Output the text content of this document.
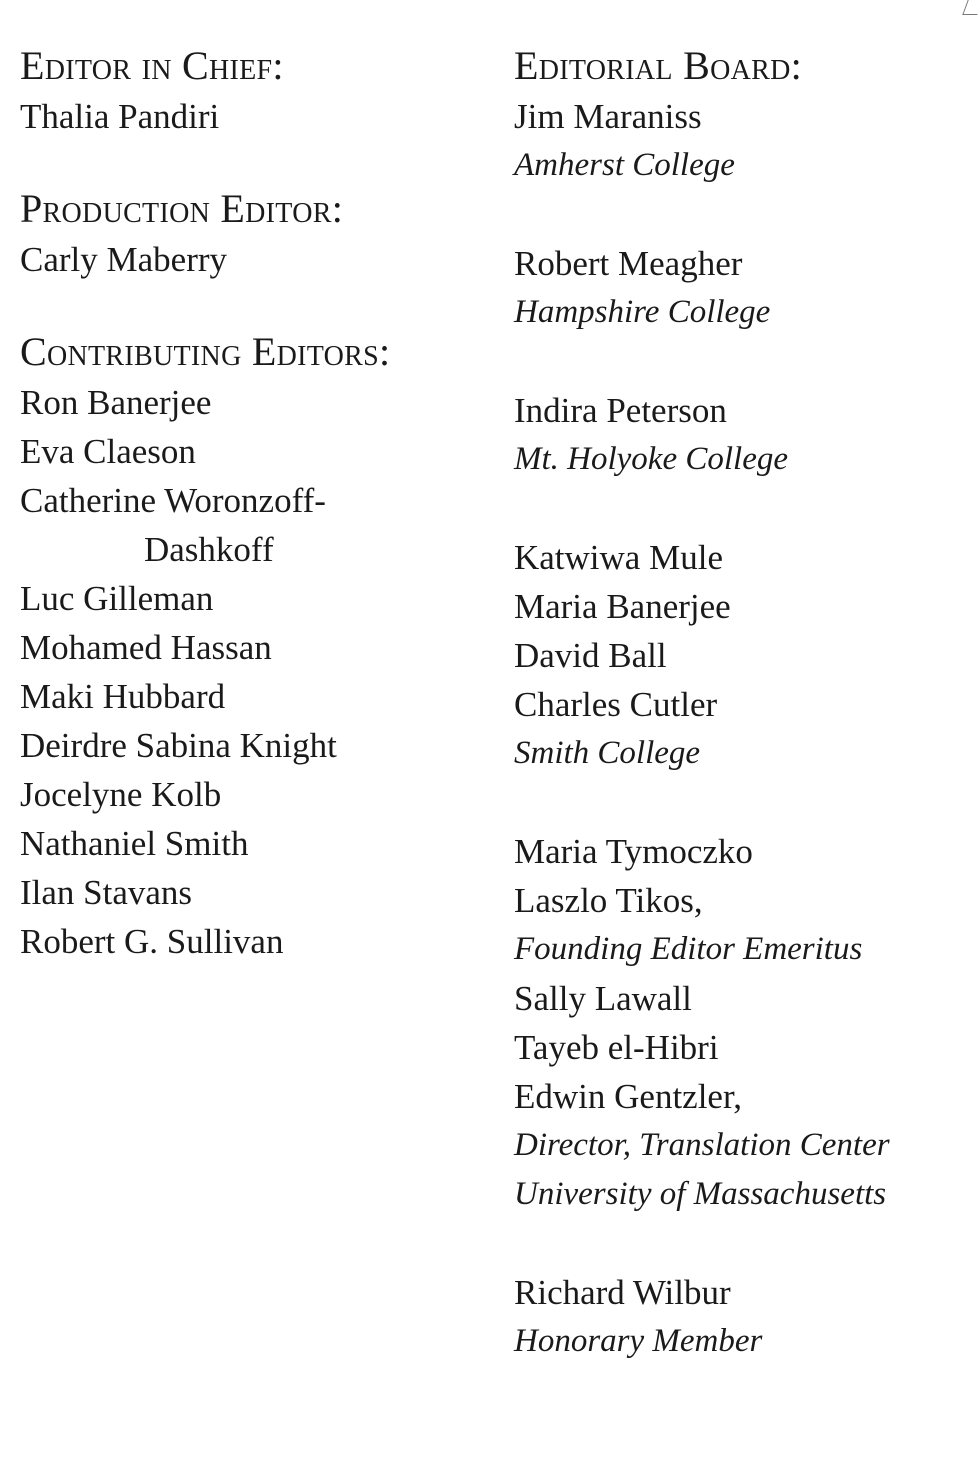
Editor in Chief:
Thalia Pandiri
Production Editor:
Carly Maberry
Contributing Editors:
Ron Banerjee
Eva Claeson
Catherine Woronzoff-
Dashkoff
Luc Gilleman
Mohamed Hassan
Maki Hubbard
Deirdre Sabina Knight
Jocelyne Kolb
Nathaniel Smith
Ilan Stavans
Robert G. Sullivan
Editorial Board:
Jim Maraniss
Amherst College
Robert Meagher
Hampshire College
Indira Peterson
Mt. Holyoke College
Katwiwa Mule
Maria Banerjee
David Ball
Charles Cutler
Smith College
Maria Tymoczko
Laszlo Tikos,
Founding Editor Emeritus
Sally Lawall
Tayeb el-Hibri
Edwin Gentzler,
Director, Translation Center
University of Massachusetts
Richard Wilbur
Honorary Member
